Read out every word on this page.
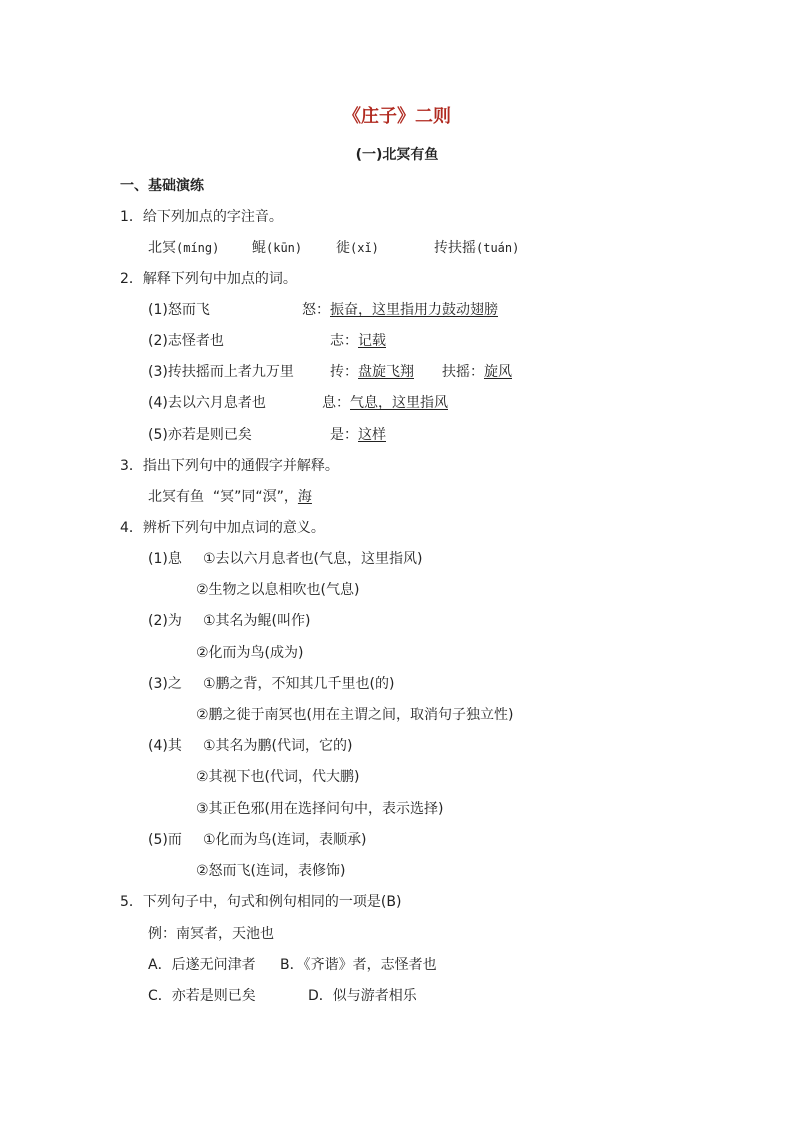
《庄子》二则
(一)北冥有鱼
一、基础演练
1．给下列加点的字注音。
北冥(míng) 鲲(kūn) 徙(xǐ)	抟扶摇(tuán)
2．解释下列句中加点的词。
(1)怒而飞	怒：振奋，这里指用力鼓动翅膀
(2)志怪者也	志：记载
(3)抟扶摇而上者九万里	抟：盘旋飞翔 扶摇：旋风
(4)去以六月息者也	息：气息，这里指风
(5)亦若是则已矣	是：这样
3．指出下列句中的通假字并解释。
北冥有鱼 “冥”同“溟”，海
4．辨析下列句中加点词的意义。
(1)息 ①去以六月息者也(气息，这里指风)
②生物之以息相吹也(气息)
(2)为 ①其名为鲲(叫作)
②化而为鸟(成为)
(3)之 ①鹏之背，不知其几千里也(的)
②鹏之徙于南冥也(用在主谓之间，取消句子独立性)
(4)其 ①其名为鹏(代词，它的)
②其视下也(代词，代大鹏)
③其正色邪(用在选择问句中，表示选择)
(5)而 ①化而为鸟(连词，表顺承)
②怒而飞(连词，表修饰)
5．下列句子中，句式和例句相同的一项是(B)
例：南冥者，天池也
A．后遂无问津者 B．《齐谐》者，志怪者也
C．亦若是则已矣	D．似与游者相乐
